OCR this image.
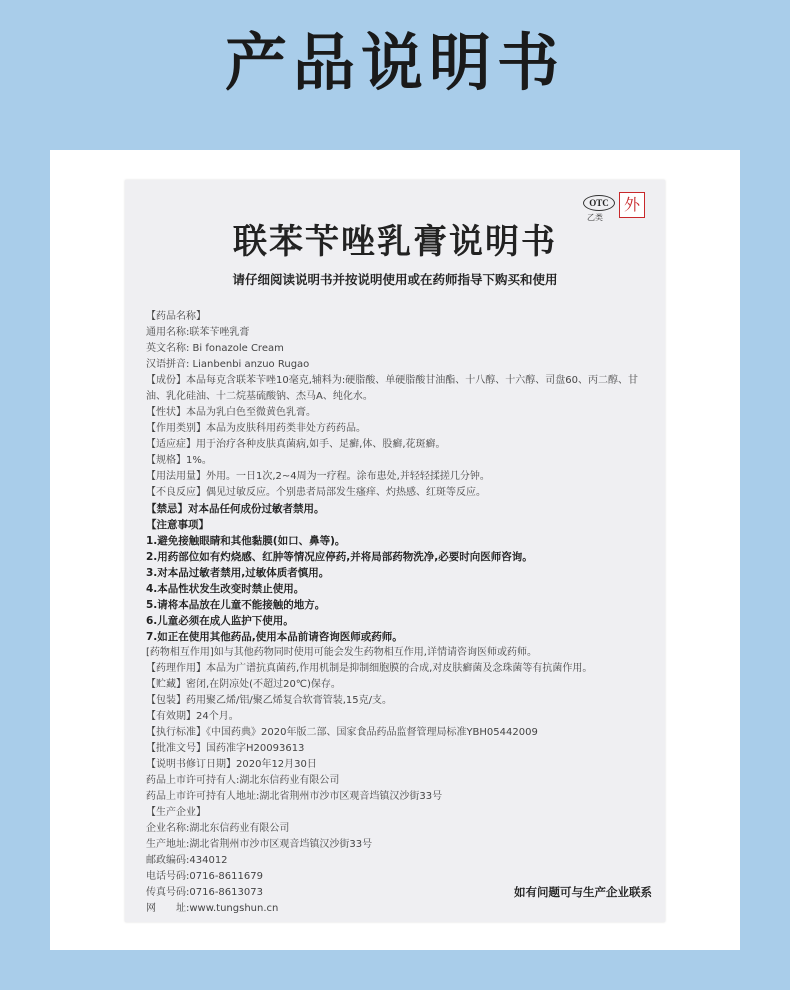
产品说明书
OTC
乙类
外
联苯苄唑乳膏说明书
请仔细阅读说明书并按说明使用或在药师指导下购买和使用
【药品名称】
通用名称:联苯苄唑乳膏
英文名称: Bi fonazole Cream
汉语拼音: Lianbenbi anzuo Rugao
【成份】本品每克含联苯苄唑10毫克,辅料为:硬脂酸、单硬脂酸甘油酯、十八醇、十六醇、司盘60、丙二醇、甘油、乳化硅油、十二烷基硫酸钠、杰马A、纯化水。
【性状】本品为乳白色至微黄色乳膏。
【作用类别】本品为皮肤科用药类非处方药药品。
【适应症】用于治疗各种皮肤真菌病,如手、足癣,体、股癣,花斑癣。
【规格】1%。
【用法用量】外用。一日1次,2~4周为一疗程。涂布患处,并轻轻揉搓几分钟。
【不良反应】偶见过敏反应。个别患者局部发生瘙痒、灼热感、红斑等反应。
【禁忌】对本品任何成份过敏者禁用。
【注意事项】
1.避免接触眼睛和其他黏膜(如口、鼻等)。
2.用药部位如有灼烧感、红肿等情况应停药,并将局部药物洗净,必要时向医师咨询。
3.对本品过敏者禁用,过敏体质者慎用。
4.本品性状发生改变时禁止使用。
5.请将本品放在儿童不能接触的地方。
6.儿童必须在成人监护下使用。
7.如正在使用其他药品,使用本品前请咨询医师或药师。
[药物相互作用]如与其他药物同时使用可能会发生药物相互作用,详情请咨询医师或药师。
【药理作用】本品为广谱抗真菌药,作用机制是抑制细胞膜的合成,对皮肤癣菌及念珠菌等有抗菌作用。
【贮藏】密闭,在阴凉处(不超过20℃)保存。
【包装】药用聚乙烯/铝/聚乙烯复合软膏管装,15克/支。
【有效期】24个月。
【执行标准】《中国药典》2020年版二部、国家食品药品监督管理局标准YBH05442009
【批准文号】国药准字H20093613
【说明书修订日期】2020年12月30日
药品上市许可持有人:湖北东信药业有限公司
药品上市许可持有人地址:湖北省荆州市沙市区观音垱镇汉沙街33号
【生产企业】
企业名称:湖北东信药业有限公司
生产地址:湖北省荆州市沙市区观音垱镇汉沙街33号
邮政编码:434012
电话号码:0716-8611679
传真号码:0716-8613073
网　　址:www.tungshun.cn
如有问题可与生产企业联系
